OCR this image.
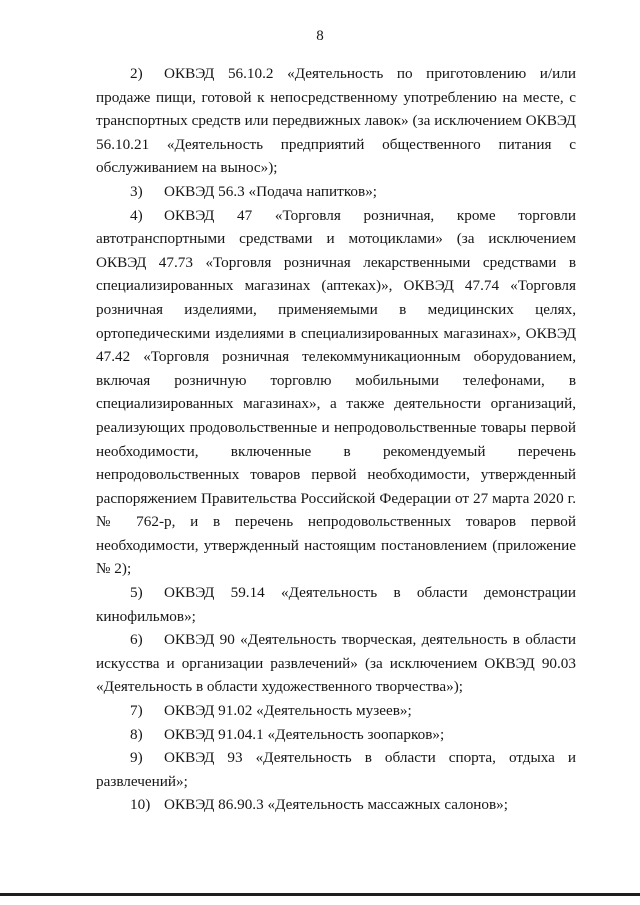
8

2) ОКВЭД 56.10.2 «Деятельность по приготовлению и/или продаже пищи, готовой к непосредственному употреблению на месте, с транспортных средств или передвижных лавок» (за исключением ОКВЭД 56.10.21 «Деятельность предприятий общественного питания с обслуживанием на вынос»);

3) ОКВЭД 56.3 «Подача напитков»;

4) ОКВЭД 47 «Торговля розничная, кроме торговли автотранспортными средствами и мотоциклами» (за исключением ОКВЭД 47.73 «Торговля розничная лекарственными средствами в специализированных магазинах (аптеках)», ОКВЭД 47.74 «Торговля розничная изделиями, применяемыми в медицинских целях, ортопедическими изделиями в специализированных магазинах», ОКВЭД 47.42 «Торговля розничная телекоммуникационным оборудованием, включая розничную торговлю мобильными телефонами, в специализированных магазинах», а также деятельности организаций, реализующих продовольственные и непродовольственные товары первой необходимости, включенные в рекомендуемый перечень непродовольственных товаров первой необходимости, утвержденный распоряжением Правительства Российской Федерации от 27 марта 2020 г. № 762-р, и в перечень непродовольственных товаров первой необходимости, утвержденный настоящим постановлением (приложение № 2);

5) ОКВЭД 59.14 «Деятельность в области демонстрации кинофильмов»;

6) ОКВЭД 90 «Деятельность творческая, деятельность в области искусства и организации развлечений» (за исключением ОКВЭД 90.03 «Деятельность в области художественного творчества»);

7) ОКВЭД 91.02 «Деятельность музеев»;

8) ОКВЭД 91.04.1 «Деятельность зоопарков»;

9) ОКВЭД 93 «Деятельность в области спорта, отдыха и развлечений»;

10) ОКВЭД 86.90.3 «Деятельность массажных салонов»;
